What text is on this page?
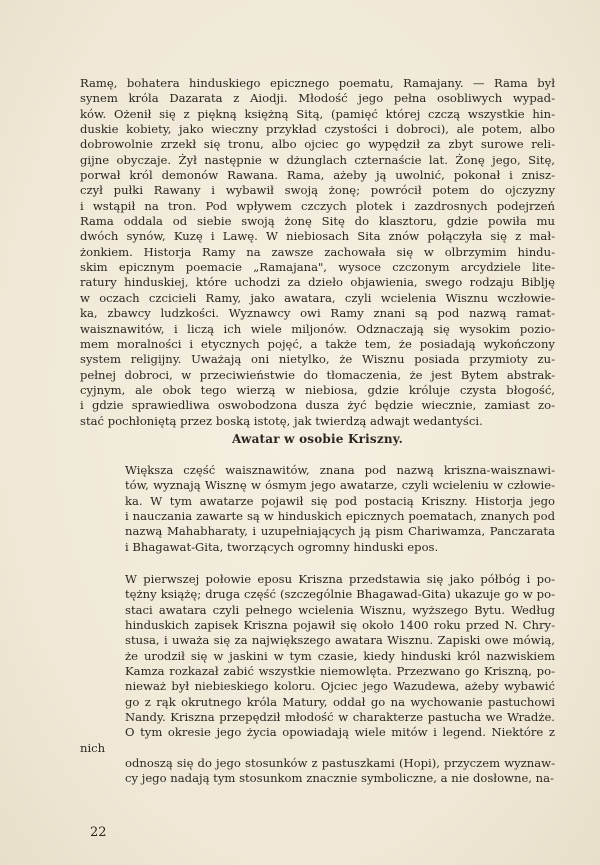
Ramę, bohatera hinduskiego epicznego poematu, Ramajany. — Rama był
synem króla Dazarata z Aiodji. Młodość jego pełna osobliwych wypad-
ków. Ożenił się z piękną księżną Sitą, (pamięć której czczą wszystkie hin-
duskie kobiety, jako wieczny przykład czystości i dobroci), ale potem, albo
dobrowolnie zrzekł się tronu, albo ojciec go wypędził za zbyt surowe reli-
gijne obyczaje. Żył następnie w dżunglach czternaście lat. Żonę jego, Sitę,
porwał król demonów Rawana. Rama, ażeby ją uwolnić, pokonał i znisz-
czył pułki Rawany i wybawił swoją żonę; powrócił potem do ojczyzny
i wstąpił na tron. Pod wpływem czczych plotek i zazdrosnych podejrzeń
Rama oddala od siebie swoją żonę Sitę do klasztoru, gdzie powiła mu
dwóch synów, Kuzę i Lawę. W niebiosach Sita znów połączyła się z mał-
żonkiem. Historja Ramy na zawsze zachowała się w olbrzymim hindu-
skim epicznym poemacie „Ramajana", wysoce czczonym arcydziele lite-
ratury hinduskiej, które uchodzi za dzieło objawienia, swego rodzaju Biblję
w oczach czcicieli Ramy, jako awatara, czyli wcielenia Wisznu wczłowie-
ka, zbawcy ludzkości. Wyznawcy owi Ramy znani są pod nazwą ramat-
waisznawitów, i liczą ich wiele miljonów. Odznaczają się wysokim pozio-
mem moralności i etycznych pojęć, a także tem, że posiadają wykończony
system religijny. Uważają oni nietylko, że Wisznu posiada przymioty zu-
pełnej dobroci, w przeciwieństwie do tłomaczenia, że jest Bytem abstrak-
cyjnym, ale obok tego wierzą w niebiosa, gdzie króluje czysta błogość,
i gdzie sprawiedliwa oswobodzona dusza żyć będzie wiecznie, zamiast zo-
stać pochłoniętą przez boską istotę, jak twierdzą adwajt wedantyści.
Awatar w osobie Kriszny.
Większa część waisznawitów, znana pod nazwą kriszna-waisznawi-
tów, wyznają Wisznę w ósmym jego awatarze, czyli wcieleniu w człowie-
ka. W tym awatarze pojawił się pod postacią Kriszny. Historja jego
i nauczania zawarte są w hinduskich epicznych poematach, znanych pod
nazwą Mahabharaty, i uzupełniających ją pism Chariwamza, Panczarata
i Bhagawat-Gita, tworzących ogromny hinduski epos.
W pierwszej połowie eposu Kriszna przedstawia się jako półbóg i po-
tężny książę; druga część (szczególnie Bhagawad-Gita) ukazuje go w po-
staci awatara czyli pełnego wcielenia Wisznu, wyższego Bytu. Według
hinduskich zapisek Kriszna pojawił się około 1400 roku przed N. Chry-
stusa, i uważa się za największego awatara Wisznu. Zapiski owe mówią,
że urodził się w jaskini w tym czasie, kiedy hinduski król nazwiskiem
Kamza rozkazał zabić wszystkie niemowlęta. Przezwano go Kriszną, po-
nieważ był niebieskiego koloru. Ojciec jego Wazudewa, ażeby wybawić
go z rąk okrutnego króla Matury, oddał go na wychowanie pastuchowi
Nandy. Kriszna przepędził młodość w charakterze pastucha we Wradże.
O tym okresie jego życia opowiadają wiele mitów i legend. Niektóre z nich
odnoszą się do jego stosunków z pastuszkami (Hopi), przyczem wyznaw-
cy jego nadają tym stosunkom znacznie symboliczne, a nie dosłowne, na-
22
